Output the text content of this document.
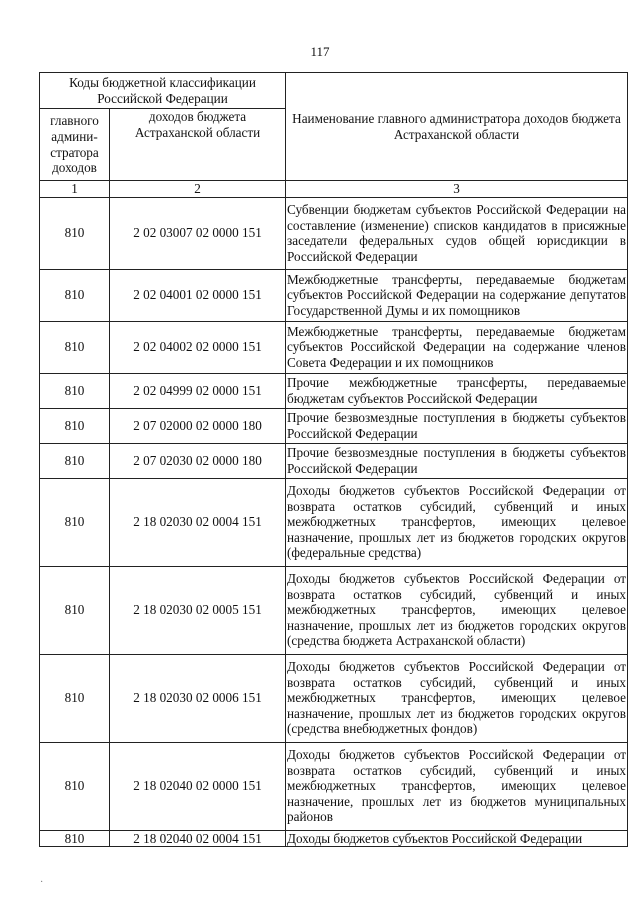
117
Коды бюджетной классификации Российской Федерации		Наименование главного администратора доходов бюджета Астраханской области
главного админи-стратора доходов	доходов бюджета Астраханской области	
1	2	3
810	2 02 03007 02 0000 151	Субвенции бюджетам субъектов Российской Федерации на составление (изменение) списков кандидатов в присяжные заседатели федеральных судов общей юрисдикции в Российской Федерации
810	2 02 04001 02 0000 151	Межбюджетные трансферты, передаваемые бюджетам субъектов Российской Федерации на содержание депутатов Государственной Думы и их помощников
810	2 02 04002 02 0000 151	Межбюджетные трансферты, передаваемые бюджетам субъектов Российской Федерации на содержание членов Совета Федерации и их помощников
810	2 02 04999 02 0000 151	Прочие межбюджетные трансферты, передаваемые бюджетам субъектов Российской Федерации
810	2 07 02000 02 0000 180	Прочие безвозмездные поступления в бюджеты субъектов Российской Федерации
810	2 07 02030 02 0000 180	Прочие безвозмездные поступления в бюджеты субъектов Российской Федерации
810	2 18 02030 02 0004 151	Доходы бюджетов субъектов Российской Федерации от возврата остатков субсидий, субвенций и иных межбюджетных трансфертов, имеющих целевое назначение, прошлых лет из бюджетов городских округов (федеральные средства)
810	2 18 02030 02 0005 151	Доходы бюджетов субъектов Российской Федерации от возврата остатков субсидий, субвенций и иных межбюджетных трансфертов, имеющих целевое назначение, прошлых лет из бюджетов городских округов (средства бюджета Астраханской области)
810	2 18 02030 02 0006 151	Доходы бюджетов субъектов Российской Федерации от возврата остатков субсидий, субвенций и иных межбюджетных трансфертов, имеющих целевое назначение, прошлых лет из бюджетов городских округов (средства внебюджетных фондов)
810	2 18 02040 02 0000 151	Доходы бюджетов субъектов Российской Федерации от возврата остатков субсидий, субвенций и иных межбюджетных трансфертов, имеющих целевое назначение, прошлых лет из бюджетов муниципальных районов
810	2 18 02040 02 0004 151	Доходы бюджетов субъектов Российской Федерации
·
